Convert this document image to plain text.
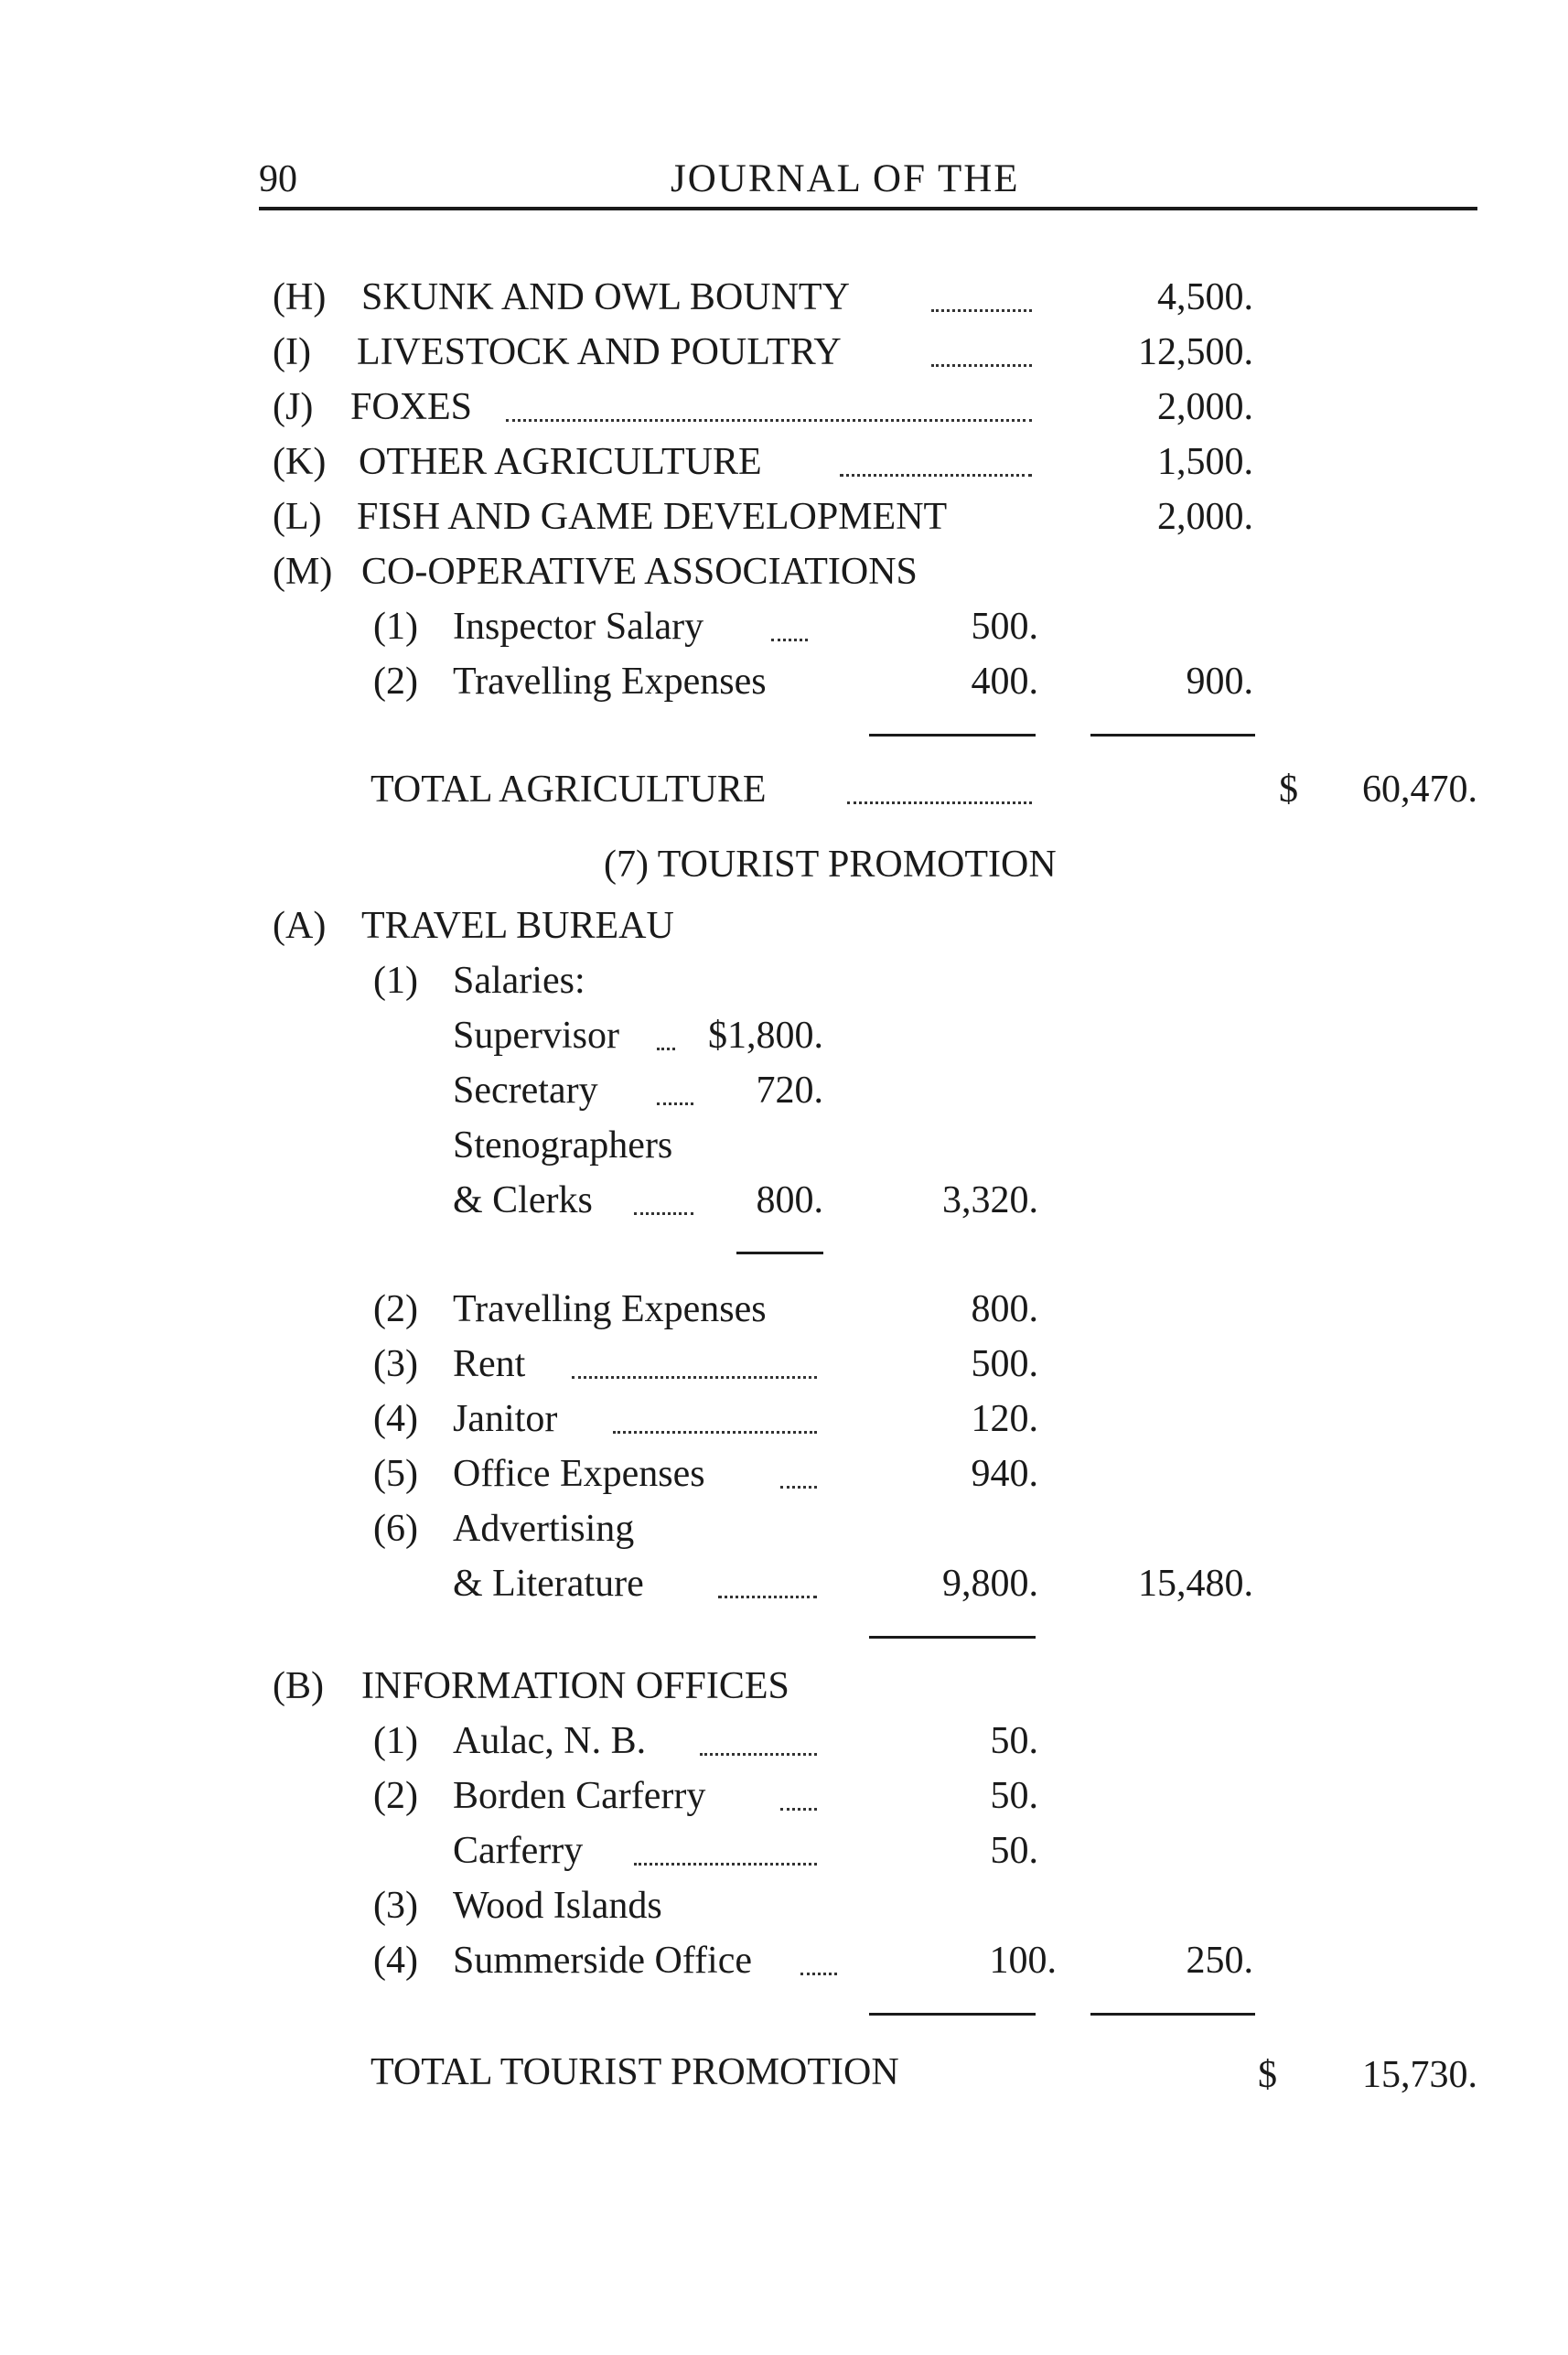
90	JOURNAL OF THE
(H) SKUNK AND OWL BOUNTY	4,500.
(I) LIVESTOCK AND POULTRY	12,500.
(J) FOXES	2,000.
(K) OTHER AGRICULTURE	1,500.
(L) FISH AND GAME DEVELOPMENT	2,000.
(M) CO-OPERATIVE ASSOCIATIONS
(1) Inspector Salary	500.
(2) Travelling Expenses	400.	900.
TOTAL AGRICULTURE	$	60,470.
(7) TOURIST PROMOTION
(A) TRAVEL BUREAU
(1) Salaries:
Supervisor	$1,800.
Secretary	720.
Stenographers
& Clerks	800.	3,320.
(2) Travelling Expenses	800.
(3) Rent	500.
(4) Janitor	120.
(5) Office Expenses	940.
(6) Advertising
& Literature	9,800.	15,480.
(B) INFORMATION OFFICES
(1) Aulac, N. B.	50.
(2) Borden Carferry	50.
Carferry	50.
(3) Wood Islands
(4) Summerside Office	100.	250.
TOTAL TOURIST PROMOTION	$	15,730.
